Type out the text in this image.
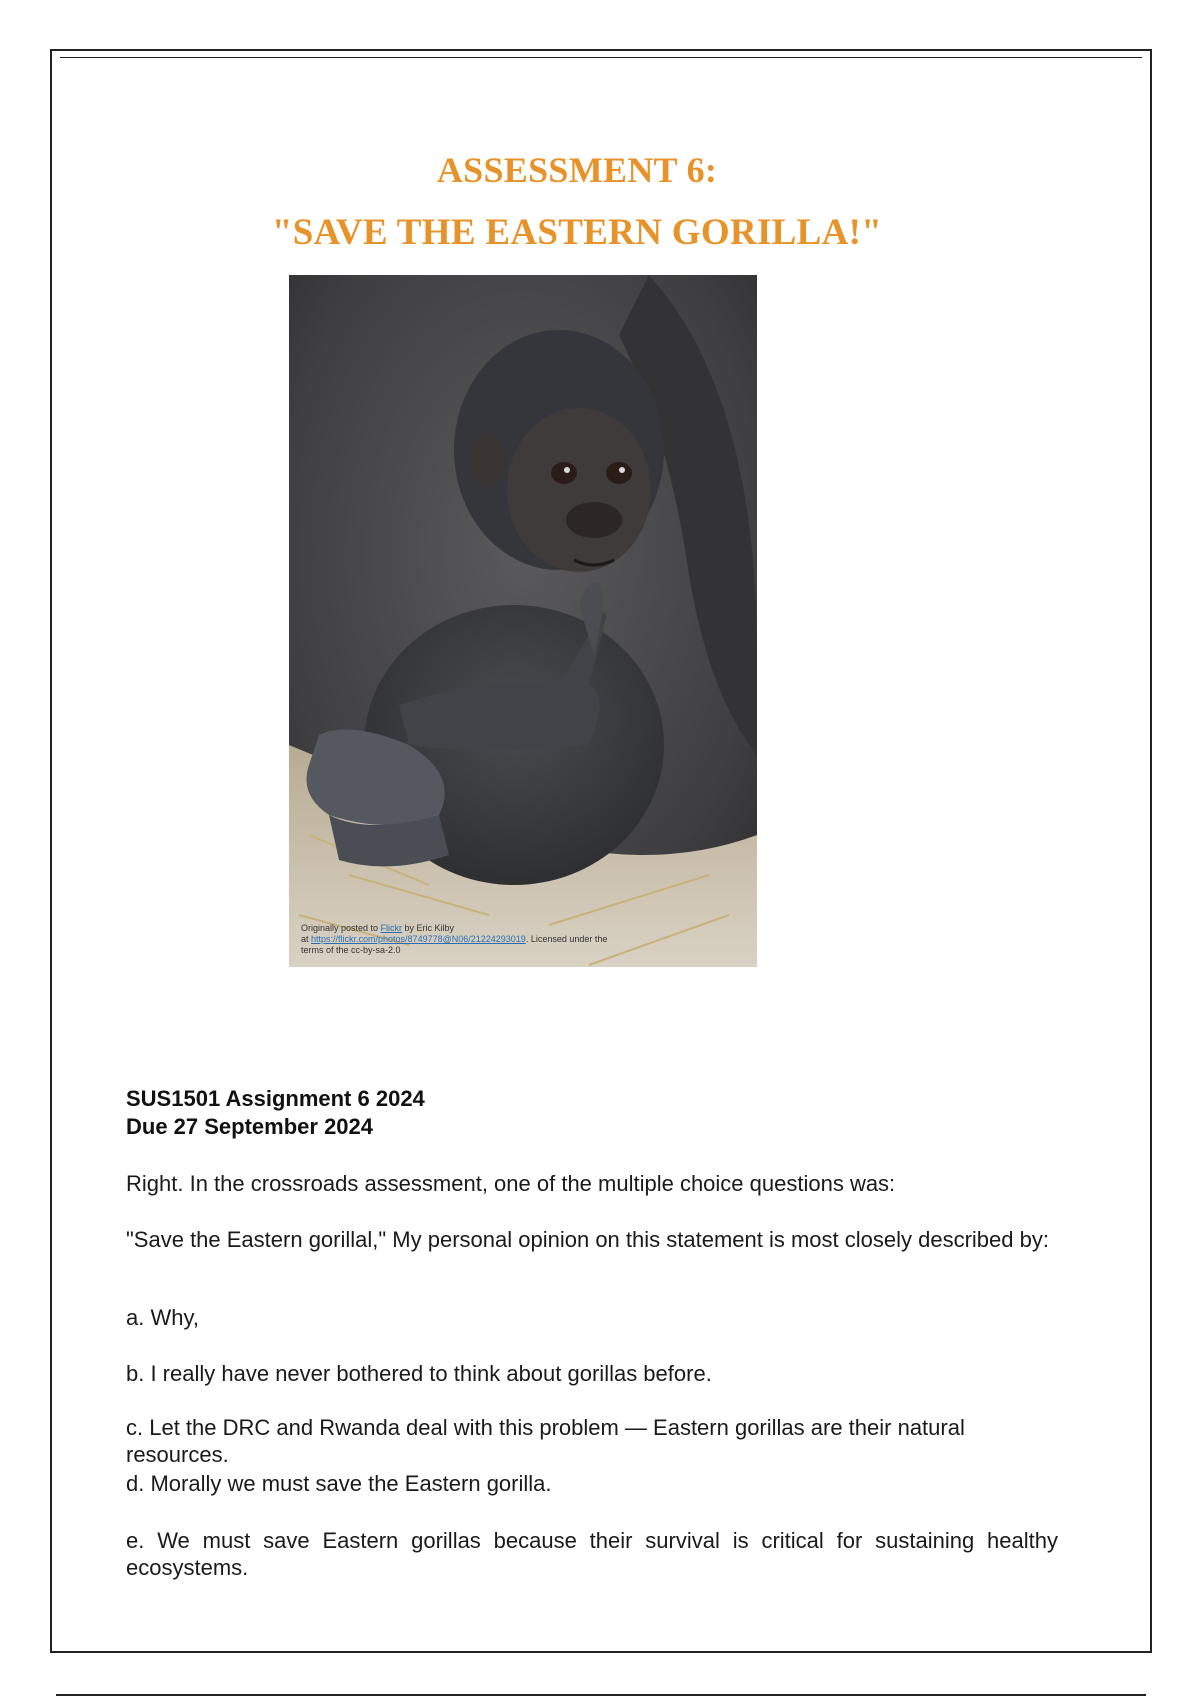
ASSESSMENT 6:
"SAVE THE EASTERN GORILLA!"
Originally posted to Flickr by Eric Kilby
at https://flickr.com/photos/8749778@N06/21224293019. Licensed under the
terms of the cc-by-sa-2.0
SUS1501 Assignment 6 2024
Due 27 September 2024
Right. In the crossroads assessment, one of the multiple choice questions was:
"Save the Eastern gorillal," My personal opinion on this statement is most closely described by:
a. Why,
b. I really have never bothered to think about gorillas before.
c. Let the DRC and Rwanda deal with this problem — Eastern gorillas are their natural resources.
d. Morally we must save the Eastern gorilla.
e. We must save Eastern gorillas because their survival is critical for sustaining healthy ecosystems.
